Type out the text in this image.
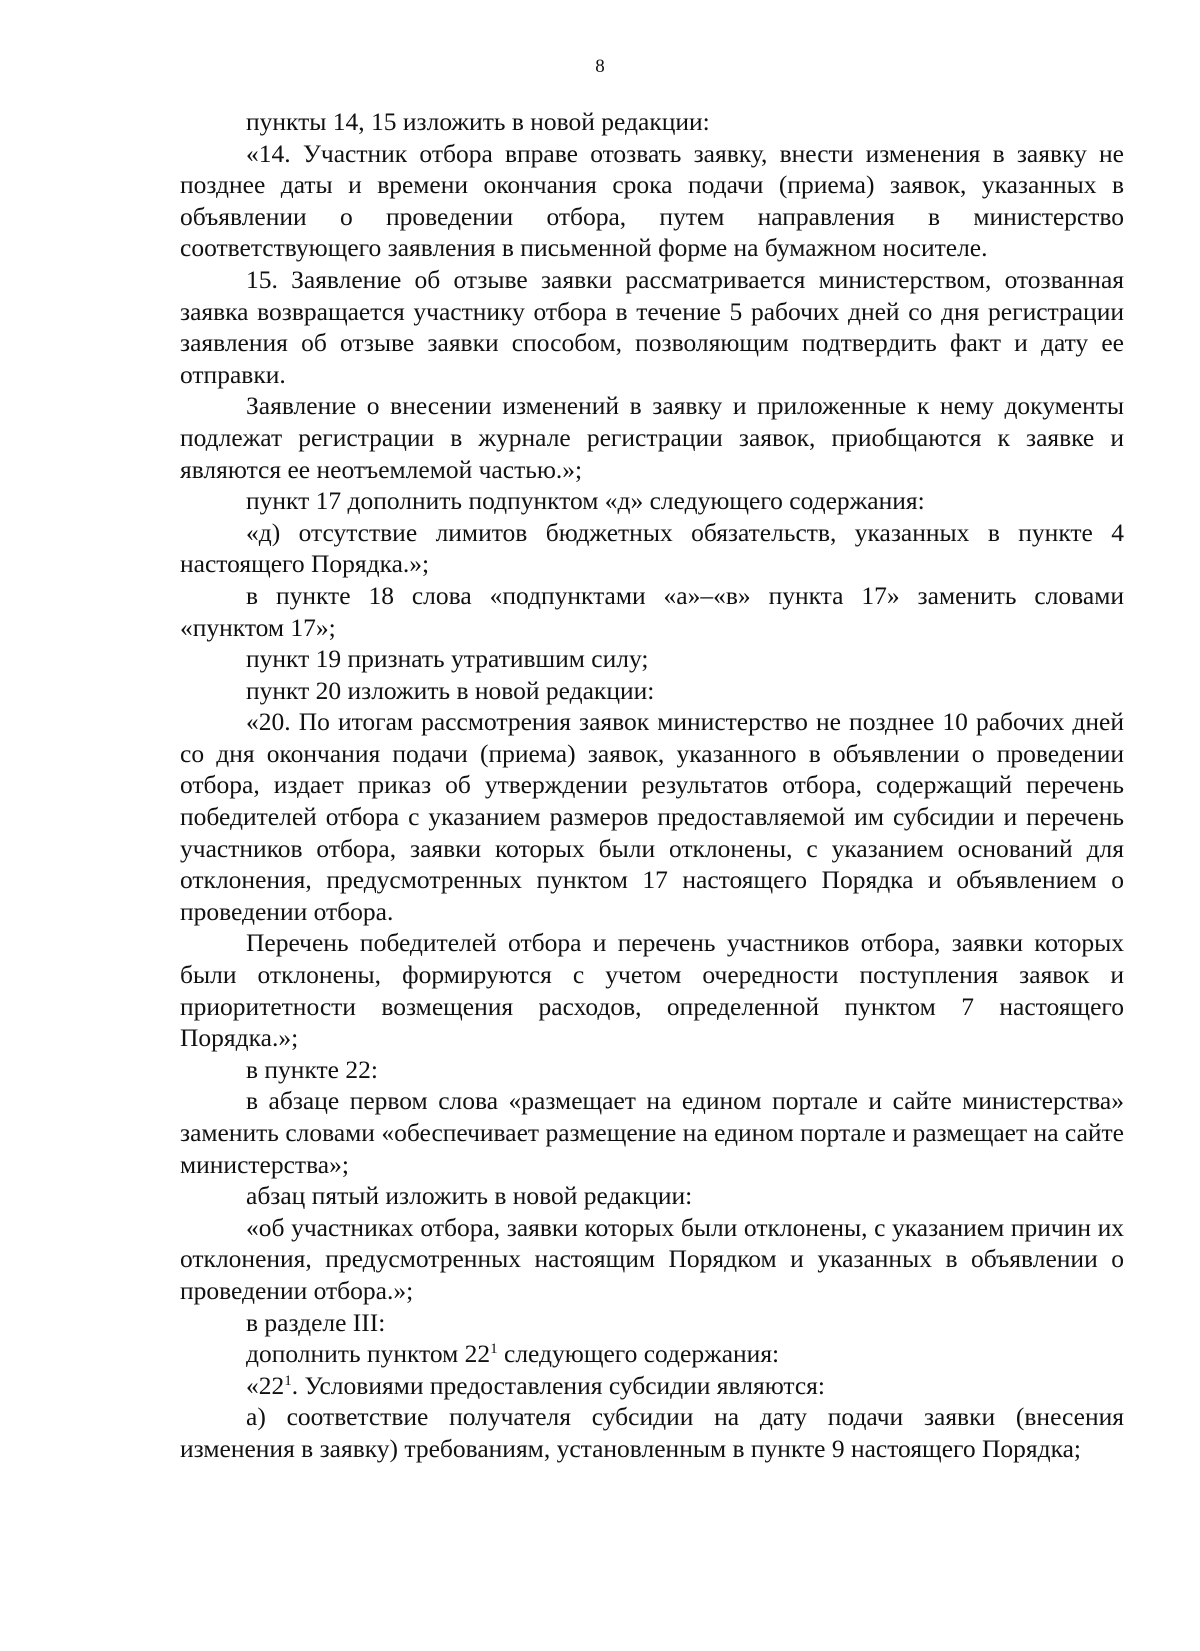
8

пункты 14, 15 изложить в новой редакции:

«14. Участник отбора вправе отозвать заявку, внести изменения в заявку не позднее даты и времени окончания срока подачи (приема) заявок, указанных в объявлении о проведении отбора, путем направления в министерство соответствующего заявления в письменной форме на бумажном носителе.

15. Заявление об отзыве заявки рассматривается министерством, отозванная заявка возвращается участнику отбора в течение 5 рабочих дней со дня регистрации заявления об отзыве заявки способом, позволяющим подтвердить факт и дату ее отправки.

Заявление о внесении изменений в заявку и приложенные к нему документы подлежат регистрации в журнале регистрации заявок, приобщаются к заявке и являются ее неотъемлемой частью.»;

пункт 17 дополнить подпунктом «д» следующего содержания:

«д) отсутствие лимитов бюджетных обязательств, указанных в пункте 4 настоящего Порядка.»;

в пункте 18 слова «подпунктами «а»–«в» пункта 17» заменить словами «пунктом 17»;

пункт 19 признать утратившим силу;

пункт 20 изложить в новой редакции:

«20. По итогам рассмотрения заявок министерство не позднее 10 рабочих дней со дня окончания подачи (приема) заявок, указанного в объявлении о проведении отбора, издает приказ об утверждении результатов отбора, содержащий перечень победителей отбора с указанием размеров предоставляемой им субсидии и перечень участников отбора, заявки которых были отклонены, с указанием оснований для отклонения, предусмотренных пунктом 17 настоящего Порядка и объявлением о проведении отбора.

Перечень победителей отбора и перечень участников отбора, заявки которых были отклонены, формируются с учетом очередности поступления заявок и приоритетности возмещения расходов, определенной пунктом 7 настоящего Порядка.»;

в пункте 22:

в абзаце первом слова «размещает на едином портале и сайте министерства» заменить словами «обеспечивает размещение на едином портале и размещает на сайте министерства»;

абзац пятый изложить в новой редакции:

«об участниках отбора, заявки которых были отклонены, с указанием причин их отклонения, предусмотренных настоящим Порядком и указанных в объявлении о проведении отбора.»;

в разделе III:

дополнить пунктом $22^1$ следующего содержания:

«$22^1$. Условиями предоставления субсидии являются:

а) соответствие получателя субсидии на дату подачи заявки (внесения изменения в заявку) требованиям, установленным в пункте 9 настоящего Порядка;
